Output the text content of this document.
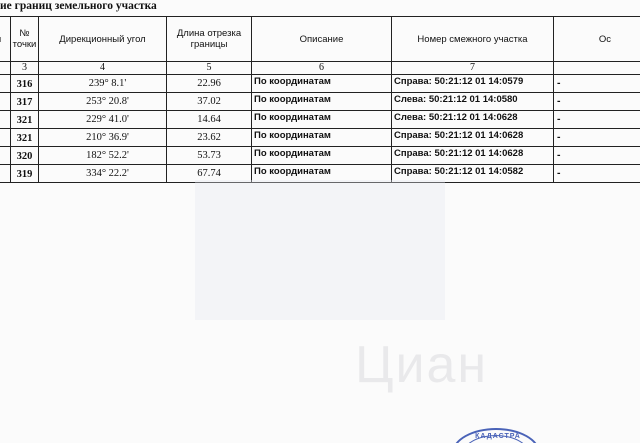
ие границ земельного участка
	№ точки	Дирекционный угол	Длина отрезка границы	Описание	Номер смежного участка	Ос
	3	4	5	6	7	
	316	239° 8.1'	22.96	По координатам	Справа: 50:21:12 01 14:0579	-
	317	253° 20.8'	37.02	По координатам	Слева: 50:21:12 01 14:0580	-
	321	229° 41.0'	14.64	По координатам	Слева: 50:21:12 01 14:0628	-
	321	210° 36.9'	23.62	По координатам	Справа: 50:21:12 01 14:0628	-
	320	182° 52.2'	53.73	По координатам	Справа: 50:21:12 01 14:0628	-
	319	334° 22.2'	67.74	По координатам	Справа: 50:21:12 01 14:0582	-
Циан
КАДАСТРА
